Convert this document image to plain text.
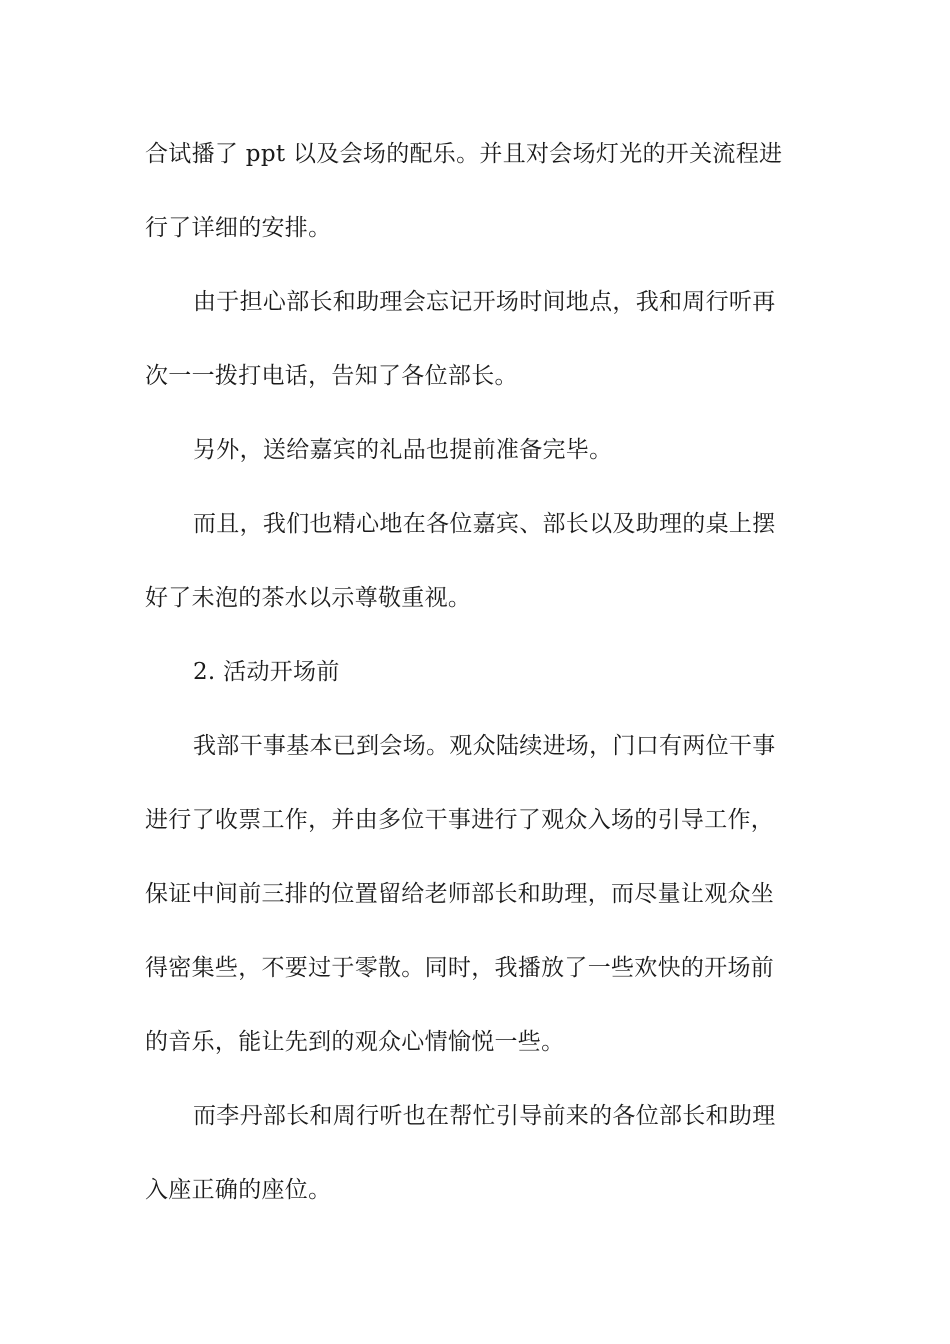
合试播了 ppt 以及会场的配乐。并且对会场灯光的开关流程进
行了详细的安排。
由于担心部长和助理会忘记开场时间地点，我和周行听再
次一一拨打电话，告知了各位部长。
另外，送给嘉宾的礼品也提前准备完毕。
而且，我们也精心地在各位嘉宾、部长以及助理的桌上摆
好了未泡的茶水以示尊敬重视。
2. 活动开场前
我部干事基本已到会场。观众陆续进场，门口有两位干事
进行了收票工作，并由多位干事进行了观众入场的引导工作，
保证中间前三排的位置留给老师部长和助理，而尽量让观众坐
得密集些，不要过于零散。同时，我播放了一些欢快的开场前
的音乐，能让先到的观众心情愉悦一些。
而李丹部长和周行听也在帮忙引导前来的各位部长和助理
入座正确的座位。
